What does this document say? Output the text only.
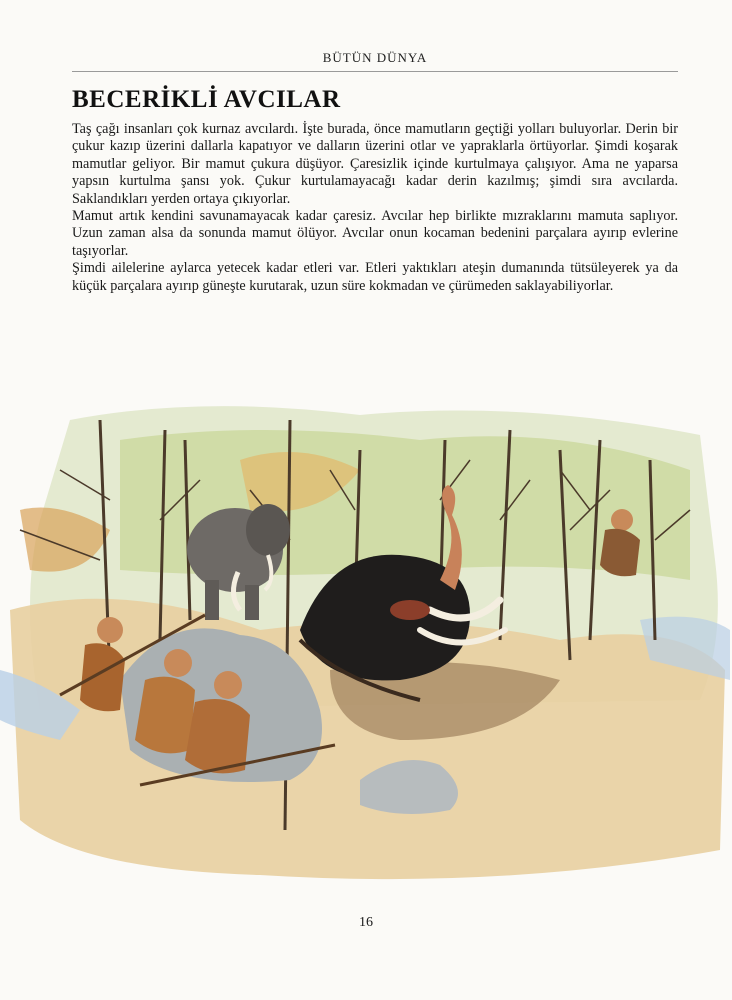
BÜTÜN DÜNYA
BECERİKLİ AVCILAR

Taş çağı insanları çok kurnaz avcılardı. İşte burada, önce mamutların geçtiği yolları buluyorlar. Derin bir çukur kazıp üzerini dallarla kapatıyor ve dalların üzerini otlar ve yapraklarla örtüyorlar. Şimdi koşarak mamutlar geliyor. Bir mamut çukura düşüyor. Çaresizlik içinde kurtulmaya çalışıyor. Ama ne yaparsa yapsın kurtulma şansı yok. Çukur kurtulamayacağı kadar derin kazılmış; şimdi sıra avcılarda. Saklandıkları yerden ortaya çıkıyorlar.

Mamut artık kendini savunamayacak kadar çaresiz. Avcılar hep birlikte mızraklarını mamuta saplıyor. Uzun zaman alsa da sonunda mamut ölüyor. Avcılar onun kocaman bedenini parçalara ayırıp evlerine taşıyorlar.

Şimdi ailelerine aylarca yetecek kadar etleri var. Etleri yaktıkları ateşin dumanında tütsüleyerek ya da küçük parçalara ayırıp güneşte kurutarak, uzun süre kokmadan ve çürümeden saklayabiliyorlar.

16
